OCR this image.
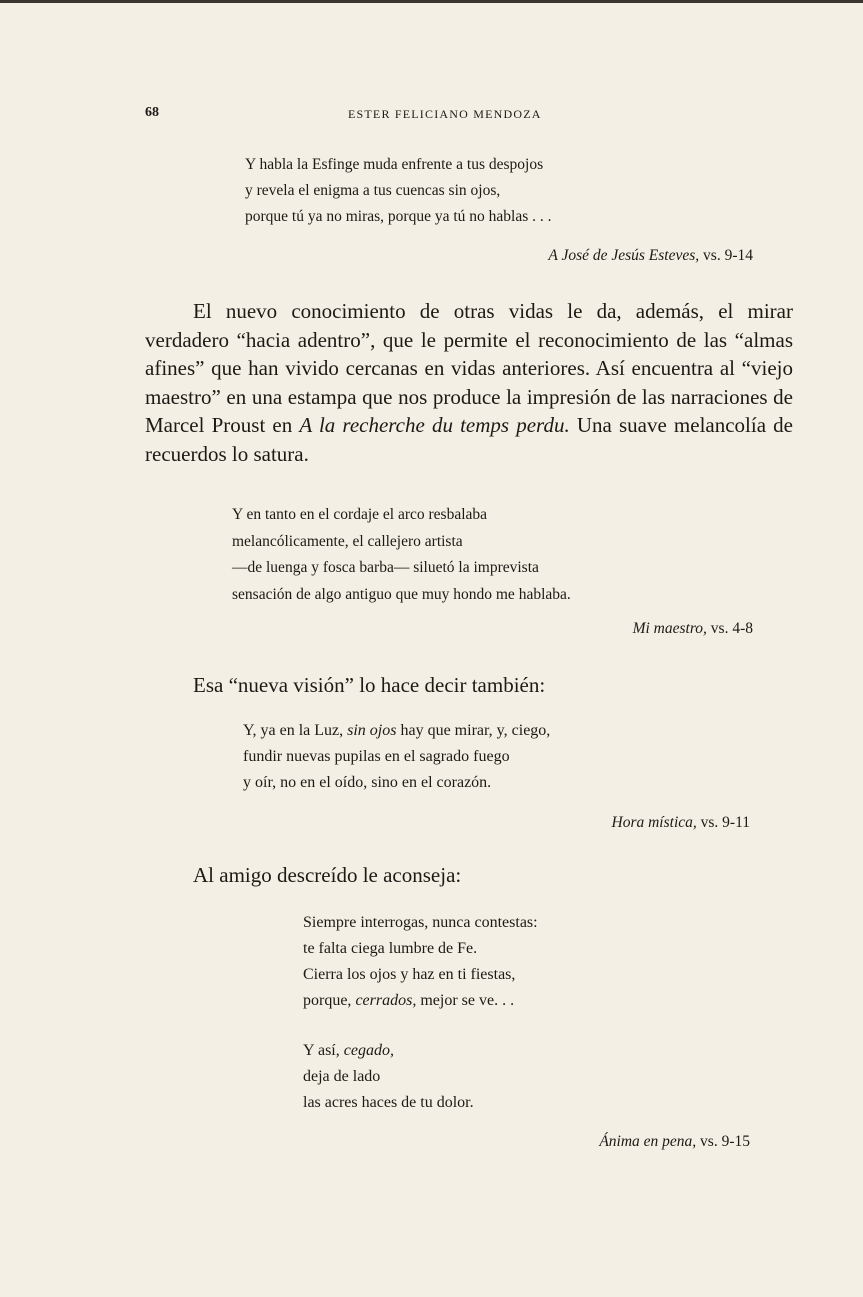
68	ESTER FELICIANO MENDOZA
Y habla la Esfinge muda enfrente a tus despojos
y revela el enigma a tus cuencas sin ojos,
porque tú ya no miras, porque ya tú no hablas . . .
A José de Jesús Esteves, vs. 9-14

El nuevo conocimiento de otras vidas le da, además, el mirar verdadero “hacia adentro”, que le permite el reconocimiento de las “almas afines” que han vivido cercanas en vidas anteriores. Así encuentra al “viejo maestro” en una estampa que nos produce la impresión de las narraciones de Marcel Proust en A la recherche du temps perdu. Una suave melancolía de recuerdos lo satura.

Y en tanto en el cordaje el arco resbalaba
melancólicamente, el callejero artista
—de luenga y fosca barba— siluetó la imprevista
sensación de algo antiguo que muy hondo me hablaba.
Mi maestro, vs. 4-8
Esa “nueva visión” lo hace decir también:
Y, ya en la Luz, sin ojos hay que mirar, y, ciego,
fundir nuevas pupilas en el sagrado fuego
y oír, no en el oído, sino en el corazón.
Hora mística, vs. 9-11
Al amigo descreído le aconseja:
Siempre interrogas, nunca contestas:
te falta ciega lumbre de Fe.
Cierra los ojos y haz en ti fiestas,
porque, cerrados, mejor se ve. . .
Y así, cegado,
deja de lado
las acres haces de tu dolor.
Ánima en pena, vs. 9-15
